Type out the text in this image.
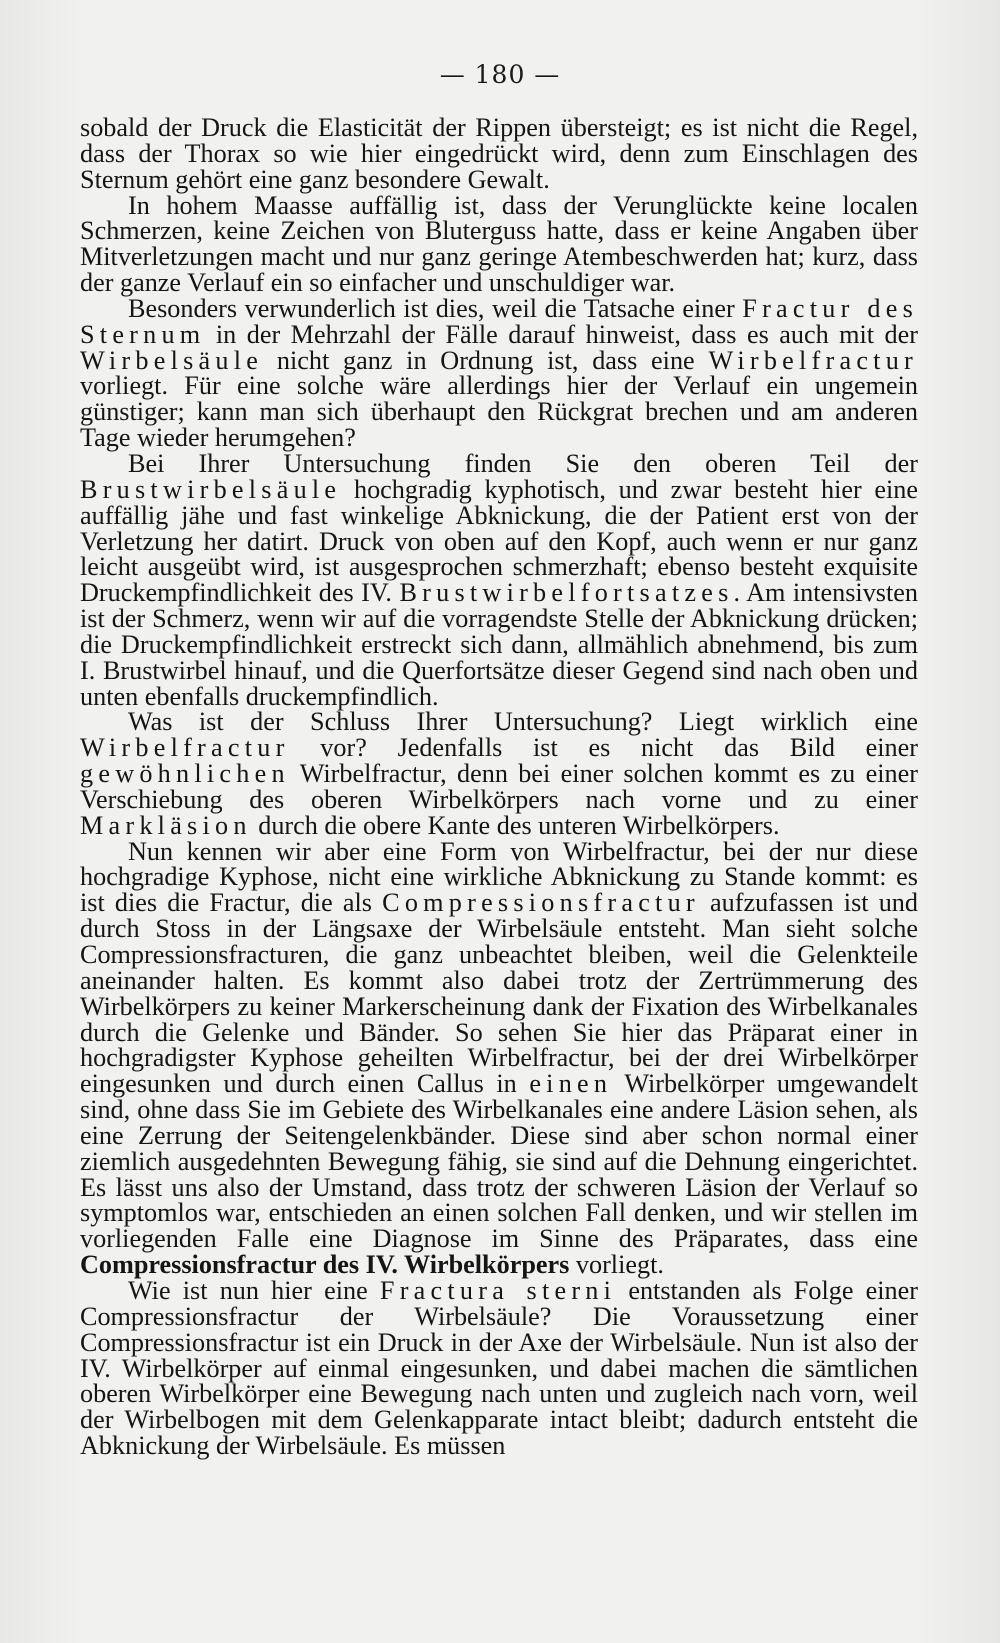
— 180 —

sobald der Druck die Elasticität der Rippen übersteigt; es ist nicht die Regel, dass der Thorax so wie hier eingedrückt wird, denn zum Einschlagen des Sternum gehört eine ganz besondere Gewalt.

In hohem Maasse auffällig ist, dass der Verunglückte keine localen Schmerzen, keine Zeichen von Bluterguss hatte, dass er keine Angaben über Mitverletzungen macht und nur ganz geringe Atembeschwerden hat; kurz, dass der ganze Verlauf ein so einfacher und unschuldiger war.

Besonders verwunderlich ist dies, weil die Tatsache einer Fractur des Sternum in der Mehrzahl der Fälle darauf hinweist, dass es auch mit der Wirbelsäule nicht ganz in Ordnung ist, dass eine Wirbelfractur vorliegt. Für eine solche wäre allerdings hier der Verlauf ein ungemein günstiger; kann man sich überhaupt den Rückgrat brechen und am anderen Tage wieder herumgehen?

Bei Ihrer Untersuchung finden Sie den oberen Teil der Brustwirbelsäule hochgradig kyphotisch, und zwar besteht hier eine auffällig jähe und fast winkelige Abknickung, die der Patient erst von der Verletzung her datirt. Druck von oben auf den Kopf, auch wenn er nur ganz leicht ausgeübt wird, ist ausgesprochen schmerzhaft; ebenso besteht exquisite Druckempfindlichkeit des IV. Brustwirbelfortsatzes. Am intensivsten ist der Schmerz, wenn wir auf die vorragendste Stelle der Abknickung drücken; die Druckempfindlichkeit erstreckt sich dann, allmählich abnehmend, bis zum I. Brustwirbel hinauf, und die Querfortsätze dieser Gegend sind nach oben und unten ebenfalls druckempfindlich.

Was ist der Schluss Ihrer Untersuchung? Liegt wirklich eine Wirbelfractur vor? Jedenfalls ist es nicht das Bild einer gewöhnlichen Wirbelfractur, denn bei einer solchen kommt es zu einer Verschiebung des oberen Wirbelkörpers nach vorne und zu einer Markläsion durch die obere Kante des unteren Wirbelkörpers.

Nun kennen wir aber eine Form von Wirbelfractur, bei der nur diese hochgradige Kyphose, nicht eine wirkliche Abknickung zu Stande kommt: es ist dies die Fractur, die als Compressionsfractur aufzufassen ist und durch Stoss in der Längsaxe der Wirbelsäule entsteht. Man sieht solche Compressionsfracturen, die ganz unbeachtet bleiben, weil die Gelenkteile aneinander halten. Es kommt also dabei trotz der Zertrümmerung des Wirbelkörpers zu keiner Markerscheinung dank der Fixation des Wirbelkanales durch die Gelenke und Bänder. So sehen Sie hier das Präparat einer in hochgradigster Kyphose geheilten Wirbelfractur, bei der drei Wirbelkörper eingesunken und durch einen Callus in einen Wirbelkörper umgewandelt sind, ohne dass Sie im Gebiete des Wirbelkanales eine andere Läsion sehen, als eine Zerrung der Seitengelenkbänder. Diese sind aber schon normal einer ziemlich ausgedehnten Bewegung fähig, sie sind auf die Dehnung eingerichtet. Es lässt uns also der Umstand, dass trotz der schweren Läsion der Verlauf so symptomlos war, entschieden an einen solchen Fall denken, und wir stellen im vorliegenden Falle eine Diagnose im Sinne des Präparates, dass eine Compressionsfractur des IV. Wirbelkörpers vorliegt.

Wie ist nun hier eine Fractura sterni entstanden als Folge einer Compressionsfractur der Wirbelsäule? Die Voraussetzung einer Compressionsfractur ist ein Druck in der Axe der Wirbelsäule. Nun ist also der IV. Wirbelkörper auf einmal eingesunken, und dabei machen die sämtlichen oberen Wirbelkörper eine Bewegung nach unten und zugleich nach vorn, weil der Wirbelbogen mit dem Gelenkapparate intact bleibt; dadurch entsteht die Abknickung der Wirbelsäule. Es müssen
